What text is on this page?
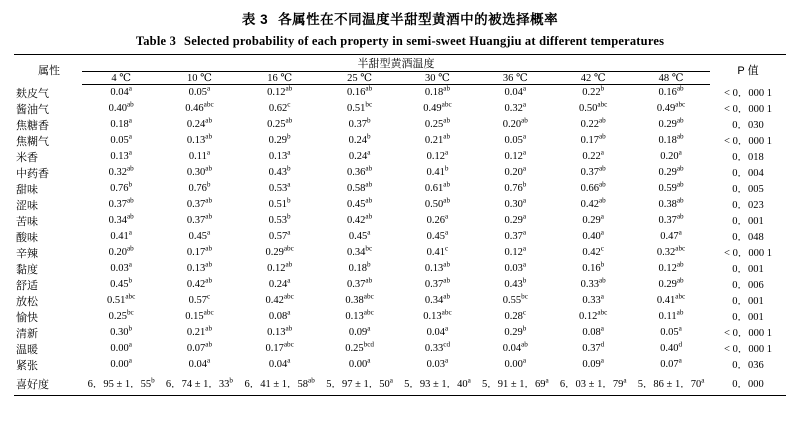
表 3 各属性在不同温度半甜型黄酒中的被选择概率
Table 3 Selected probability of each property in semi-sweet Huangjiu at different temperatures
属性	半甜型黄酒温度								P 值
	4 ℃	10 ℃	16 ℃	25 ℃	30 ℃	36 ℃	42 ℃	48 ℃	
麸皮气	0.04$^a$	0.05$^a$	0.12$^{ab}$	0.16$^{ab}$	0.18$^{ab}$	0.04$^a$	0.22$^b$	0.16$^{ab}$	< 0．000 1
酱油气	0.40$^{ab}$	0.46$^{abc}$	0.62$^c$	0.51$^{bc}$	0.49$^{abc}$	0.32$^a$	0.50$^{abc}$	0.49$^{abc}$	< 0．000 1
焦糖香	0.18$^a$	0.24$^{ab}$	0.25$^{ab}$	0.37$^b$	0.25$^{ab}$	0.20$^{ab}$	0.22$^{ab}$	0.29$^{ab}$	0．030
焦糊气	0.05$^a$	0.13$^{ab}$	0.29$^b$	0.24$^b$	0.21$^{ab}$	0.05$^a$	0.17$^{ab}$	0.18$^{ab}$	< 0．000 1
米香	0.13$^a$	0.11$^a$	0.13$^a$	0.24$^a$	0.12$^a$	0.12$^a$	0.22$^a$	0.20$^a$	0．018
中药香	0.32$^{ab}$	0.30$^{ab}$	0.43$^b$	0.36$^{ab}$	0.41$^b$	0.20$^a$	0.37$^{ab}$	0.29$^{ab}$	0．004
甜味	0.76$^b$	0.76$^b$	0.53$^a$	0.58$^{ab}$	0.61$^{ab}$	0.76$^b$	0.66$^{ab}$	0.59$^{ab}$	0．005
涩味	0.37$^{ab}$	0.37$^{ab}$	0.51$^b$	0.45$^{ab}$	0.50$^{ab}$	0.30$^a$	0.42$^{ab}$	0.38$^{ab}$	0．023
苦味	0.34$^{ab}$	0.37$^{ab}$	0.53$^b$	0.42$^{ab}$	0.26$^a$	0.29$^a$	0.29$^a$	0.37$^{ab}$	0．001
酸味	0.41$^a$	0.45$^a$	0.57$^a$	0.45$^a$	0.45$^a$	0.37$^a$	0.40$^a$	0.47$^a$	0．048
辛辣	0.20$^{ab}$	0.17$^{ab}$	0.29$^{abc}$	0.34$^{bc}$	0.41$^c$	0.12$^a$	0.42$^c$	0.32$^{abc}$	< 0．000 1
黏度	0.03$^a$	0.13$^{ab}$	0.12$^{ab}$	0.18$^b$	0.13$^{ab}$	0.03$^a$	0.16$^b$	0.12$^{ab}$	0．001
舒适	0.45$^b$	0.42$^{ab}$	0.24$^a$	0.37$^{ab}$	0.37$^{ab}$	0.43$^b$	0.33$^{ab}$	0.29$^{ab}$	0．006
放松	0.51$^{abc}$	0.57$^c$	0.42$^{abc}$	0.38$^{abc}$	0.34$^{ab}$	0.55$^{bc}$	0.33$^a$	0.41$^{abc}$	0．001
愉快	0.25$^{bc}$	0.15$^{abc}$	0.08$^a$	0.13$^{abc}$	0.13$^{abc}$	0.28$^c$	0.12$^{abc}$	0.11$^{ab}$	0．001
清新	0.30$^b$	0.21$^{ab}$	0.13$^{ab}$	0.09$^a$	0.04$^a$	0.29$^b$	0.08$^a$	0.05$^a$	< 0．000 1
温暖	0.00$^a$	0.07$^{ab}$	0.17$^{abc}$	0.25$^{bcd}$	0.33$^{cd}$	0.04$^{ab}$	0.37$^d$	0.40$^d$	< 0．000 1
紧张	0.00$^a$	0.04$^a$	0.04$^a$	0.00$^a$	0.03$^a$	0.00$^a$	0.09$^a$	0.07$^a$	0．036
喜好度	6．95 ± 1．55$^b$	6．74 ± 1．33$^b$	6．41 ± 1．$58^{ab}$	5．97 ± 1．50$^a$	5．93 ± 1．40$^a$	5．91 ± 1．69$^a$	6．03 ± 1．79$^a$	5．86 ± 1．70$^a$	0．000
